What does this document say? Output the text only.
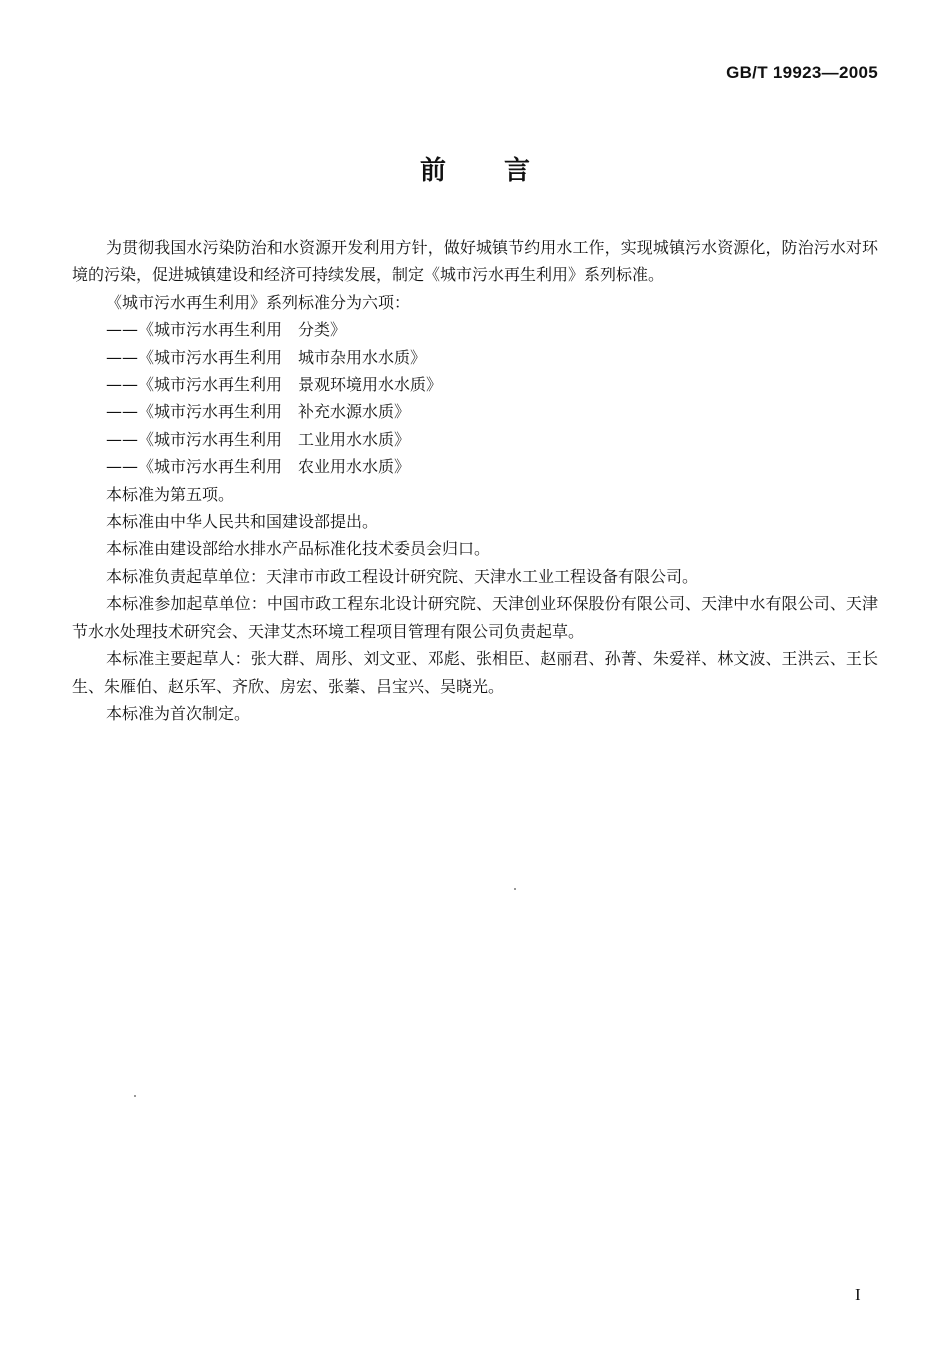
GB/T 19923—2005
前言

为贯彻我国水污染防治和水资源开发利用方针，做好城镇节约用水工作，实现城镇污水资源化，防治污水对环境的污染，促进城镇建设和经济可持续发展，制定《城市污水再生利用》系列标准。

《城市污水再生利用》系列标准分为六项：

——《城市污水再生利用　分类》

——《城市污水再生利用　城市杂用水水质》

——《城市污水再生利用　景观环境用水水质》

——《城市污水再生利用　补充水源水质》

——《城市污水再生利用　工业用水水质》

——《城市污水再生利用　农业用水水质》

本标准为第五项。

本标准由中华人民共和国建设部提出。

本标准由建设部给水排水产品标准化技术委员会归口。

本标准负责起草单位：天津市市政工程设计研究院、天津水工业工程设备有限公司。

本标准参加起草单位：中国市政工程东北设计研究院、天津创业环保股份有限公司、天津中水有限公司、天津节水水处理技术研究会、天津艾杰环境工程项目管理有限公司负责起草。

本标准主要起草人：张大群、周彤、刘文亚、邓彪、张相臣、赵丽君、孙菁、朱爱祥、林文波、王洪云、王长生、朱雁伯、赵乐军、齐欣、房宏、张蓁、吕宝兴、吴晓光。

本标准为首次制定。

I
